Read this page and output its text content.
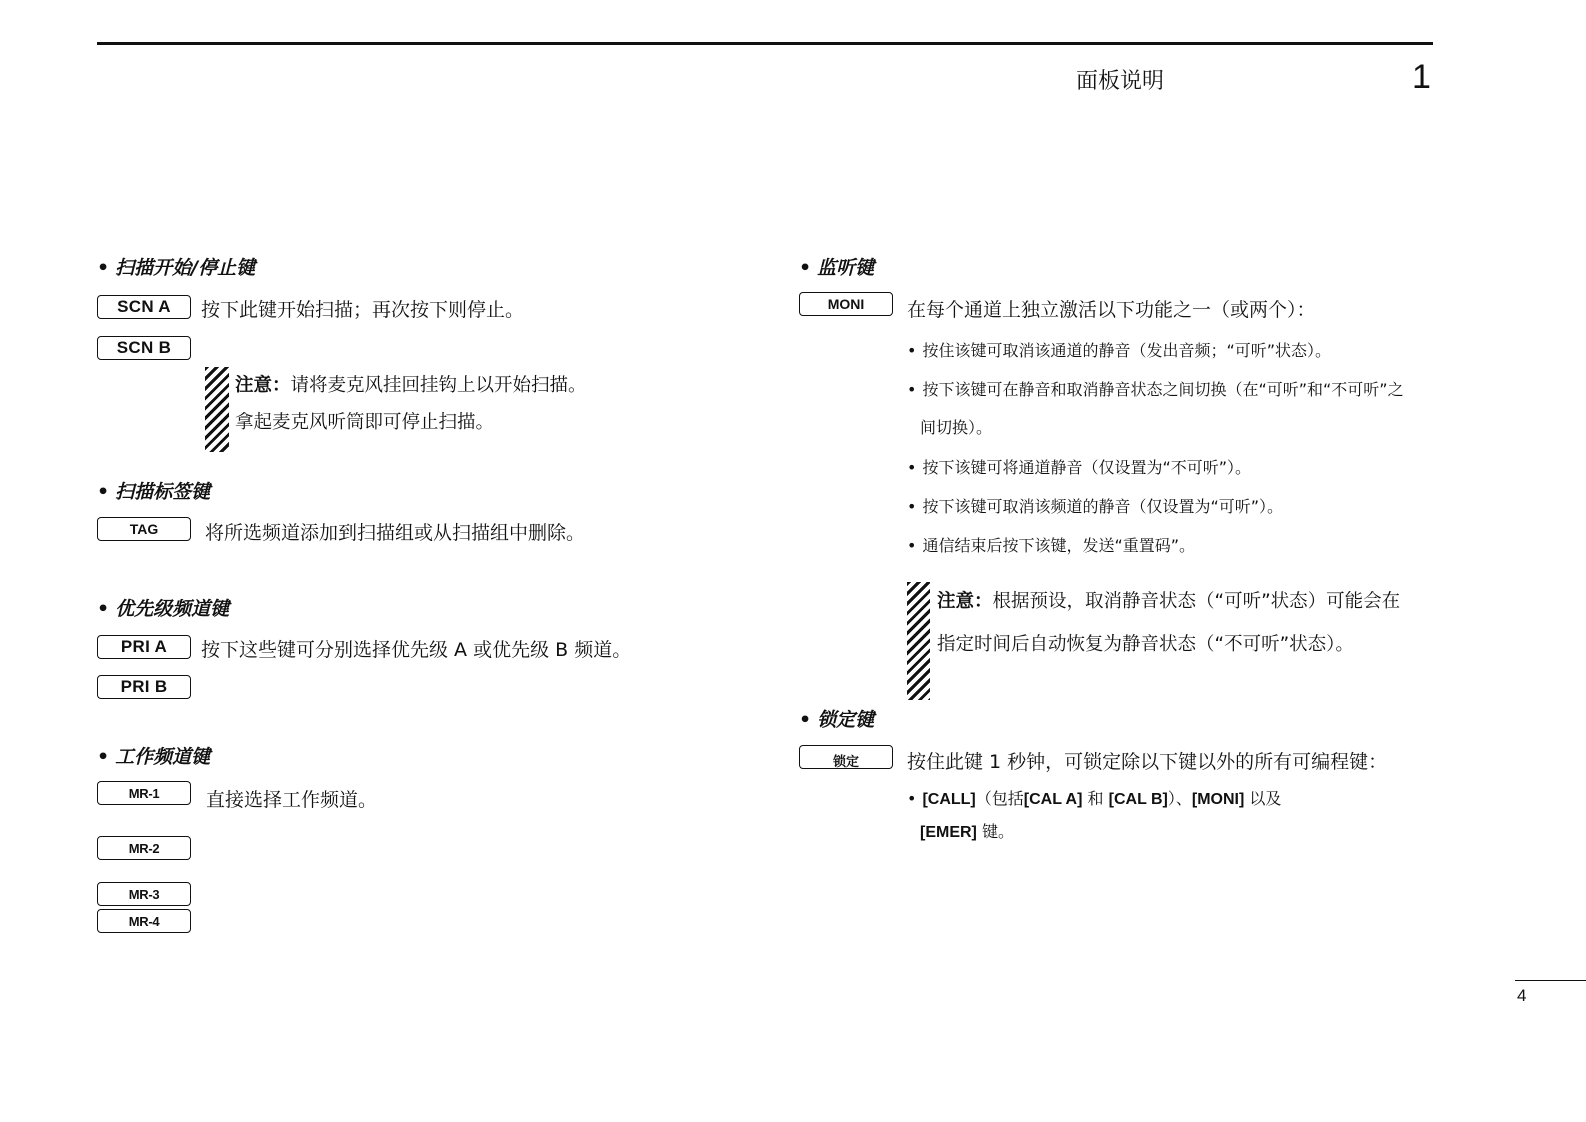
面板说明	1
• 扫描开始/停止键
SCN A	按下此键开始扫描；再次按下则停止。
SCN B
注意：请将麦克风挂回挂钩上以开始扫描。
拿起麦克风听筒即可停止扫描。
• 扫描标签键
TAG	将所选频道添加到扫描组或从扫描组中删除。
• 优先级频道键
PRI A	按下这些键可分别选择优先级 A 或优先级 B 频道。
PRI B
• 工作频道键
MR-1	直接选择工作频道。
MR-2
MR-3
MR-4
• 监听键
MONI	在每个通道上独立激活以下功能之一（或两个）：
• 按住该键可取消该通道的静音（发出音频；“可听”状态）。
• 按下该键可在静音和取消静音状态之间切换（在“可听”和“不可听”之
间切换）。
• 按下该键可将通道静音（仅设置为“不可听”）。
• 按下该键可取消该频道的静音（仅设置为“可听”）。
• 通信结束后按下该键，发送“重置码”。
注意：根据预设，取消静音状态（“可听”状态）可能会在
指定时间后自动恢复为静音状态（“不可听”状态）。
• 锁定键
锁定	按住此键 1 秒钟，可锁定除以下键以外的所有可编程键：
• [CALL]（包括[CAL A] 和 [CAL B]）、[MONI] 以及
[EMER] 键。
4
